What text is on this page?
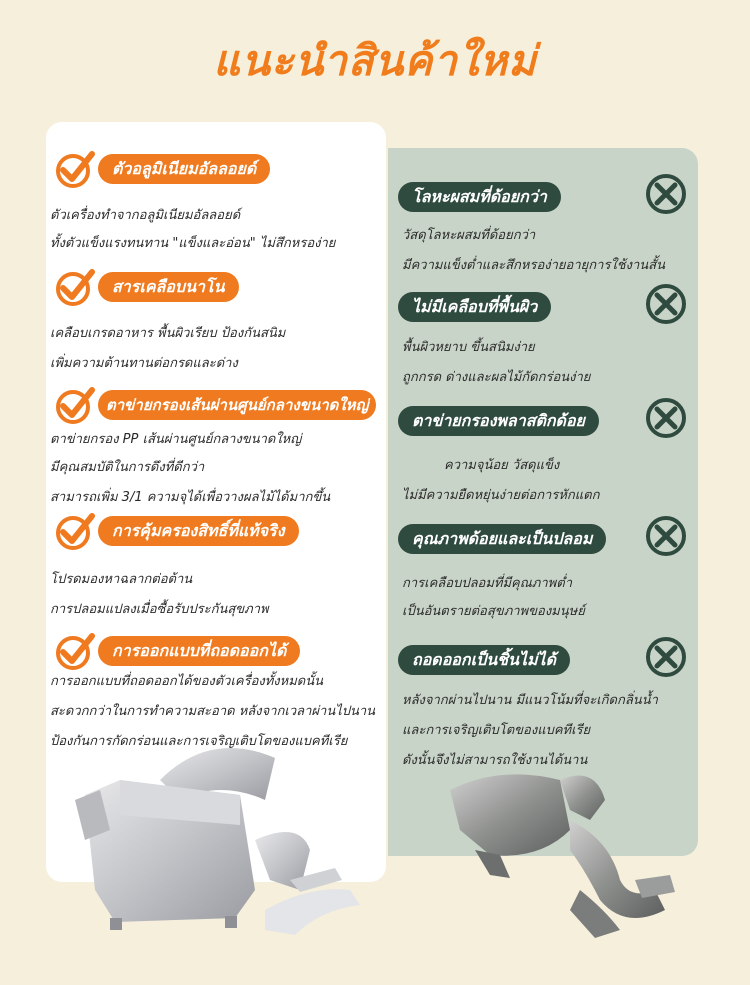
แนะนำสินค้าใหม่
ตัวอลูมิเนียมอัลลอยด์
ตัวเครื่องทำจากอลูมิเนียมอัลลอยด์
ทั้งตัวแข็งแรงทนทาน "แข็งและอ่อน" ไม่สึกหรอง่าย
สารเคลือบนาโน
เคลือบเกรดอาหาร พื้นผิวเรียบ ป้องกันสนิม
เพิ่มความต้านทานต่อกรดและด่าง
ตาข่ายกรองเส้นผ่านศูนย์กลางขนาดใหญ่
ตาข่ายกรอง PP เส้นผ่านศูนย์กลางขนาดใหญ่
มีคุณสมบัติในการดึงที่ดีกว่า
สามารถเพิ่ม 3/1 ความจุได้เพื่อวางผลไม้ได้มากขึ้น
การคุ้มครองสิทธิ์ที่แท้จริง
โปรดมองหาฉลากต่อต้าน
การปลอมแปลงเมื่อซื้อรับประกันสุขภาพ
การออกแบบที่ถอดออกได้
การออกแบบที่ถอดออกได้ของตัวเครื่องทั้งหมดนั้น
สะดวกกว่าในการทำความสะอาด หลังจากเวลาผ่านไปนาน
ป้องกันการกัดกร่อนและการเจริญเติบโตของแบคทีเรีย
โลหะผสมที่ด้อยกว่า
วัสดุโลหะผสมที่ด้อยกว่า
มีความแข็งต่ำและสึกหรอง่ายอายุการใช้งานสั้น
ไม่มีเคลือบที่พื้นผิว
พื้นผิวหยาบ ขึ้นสนิมง่าย
ถูกกรด ด่างและผลไม้กัดกร่อนง่าย
ตาข่ายกรองพลาสติกด้อย
ความจุน้อย วัสดุแข็ง
ไม่มีความยืดหยุ่นง่ายต่อการหักแตก
คุณภาพด้อยและเป็นปลอม
การเคลือบปลอมที่มีคุณภาพต่ำ
เป็นอันตรายต่อสุขภาพของมนุษย์
ถอดออกเป็นชิ้นไม่ได้
หลังจากผ่านไปนาน มีแนวโน้มที่จะเกิดกลิ่นน้ำ
และการเจริญเติบโตของแบคทีเรีย
ดังนั้นจึงไม่สามารถใช้งานได้นาน
